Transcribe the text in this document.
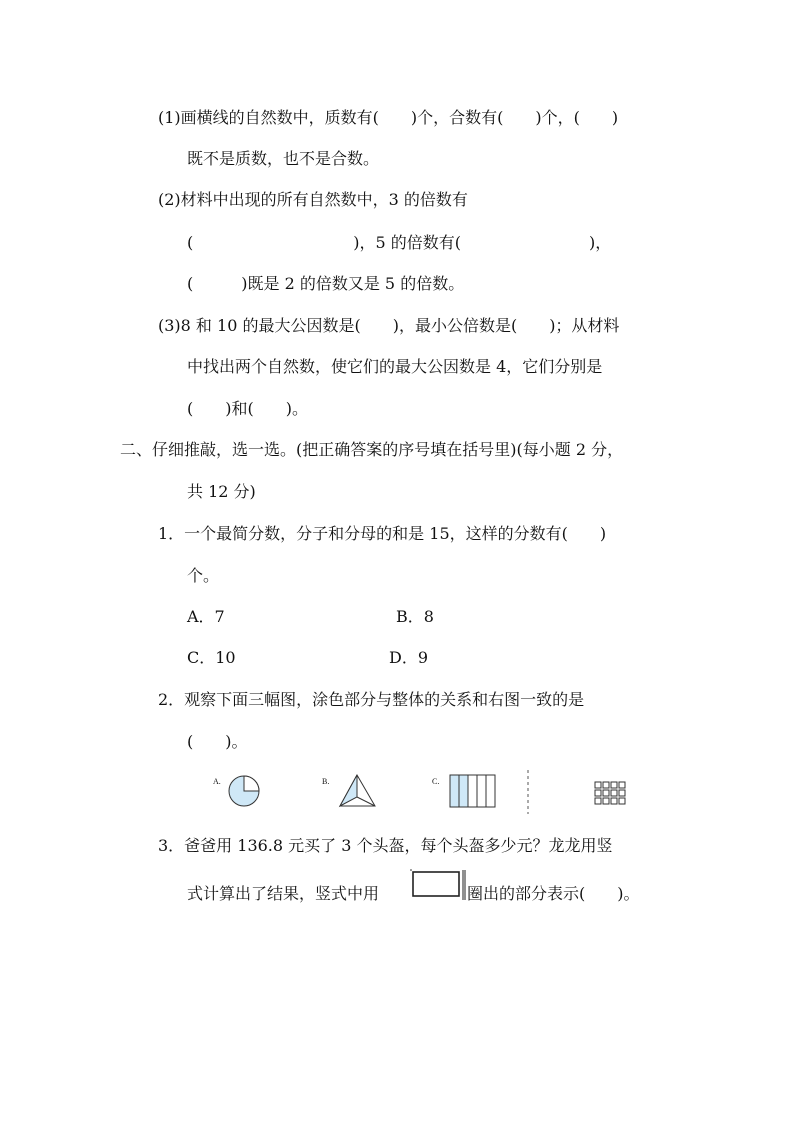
(1)画横线的自然数中，质数有(　　)个，合数有(　　)个，(　　)
既不是质数，也不是合数。
(2)材料中出现的所有自然数中，3 的倍数有
(　　　　　　　　　　)，5 的倍数有(　　　　　　　　)，
(　　　)既是 2 的倍数又是 5 的倍数。
(3)8 和 10 的最大公因数是(　　)，最小公倍数是(　　)；从材料
中找出两个自然数，使它们的最大公因数是 4，它们分别是
(　　)和(　　)。
二、仔细推敲，选一选。(把正确答案的序号填在括号里)(每小题 2 分，
共 12 分)
1．一个最简分数，分子和分母的和是 15，这样的分数有(　　)
个。
A．7	B．8
C．10	D．9
2．观察下面三幅图，涂色部分与整体的关系和右图一致的是
(　　)。
A.	B.	C.
3．爸爸用 136.8 元买了 3 个头盔，每个头盔多少元？龙龙用竖
式计算出了结果，竖式中用	圈出的部分表示(　　)。
